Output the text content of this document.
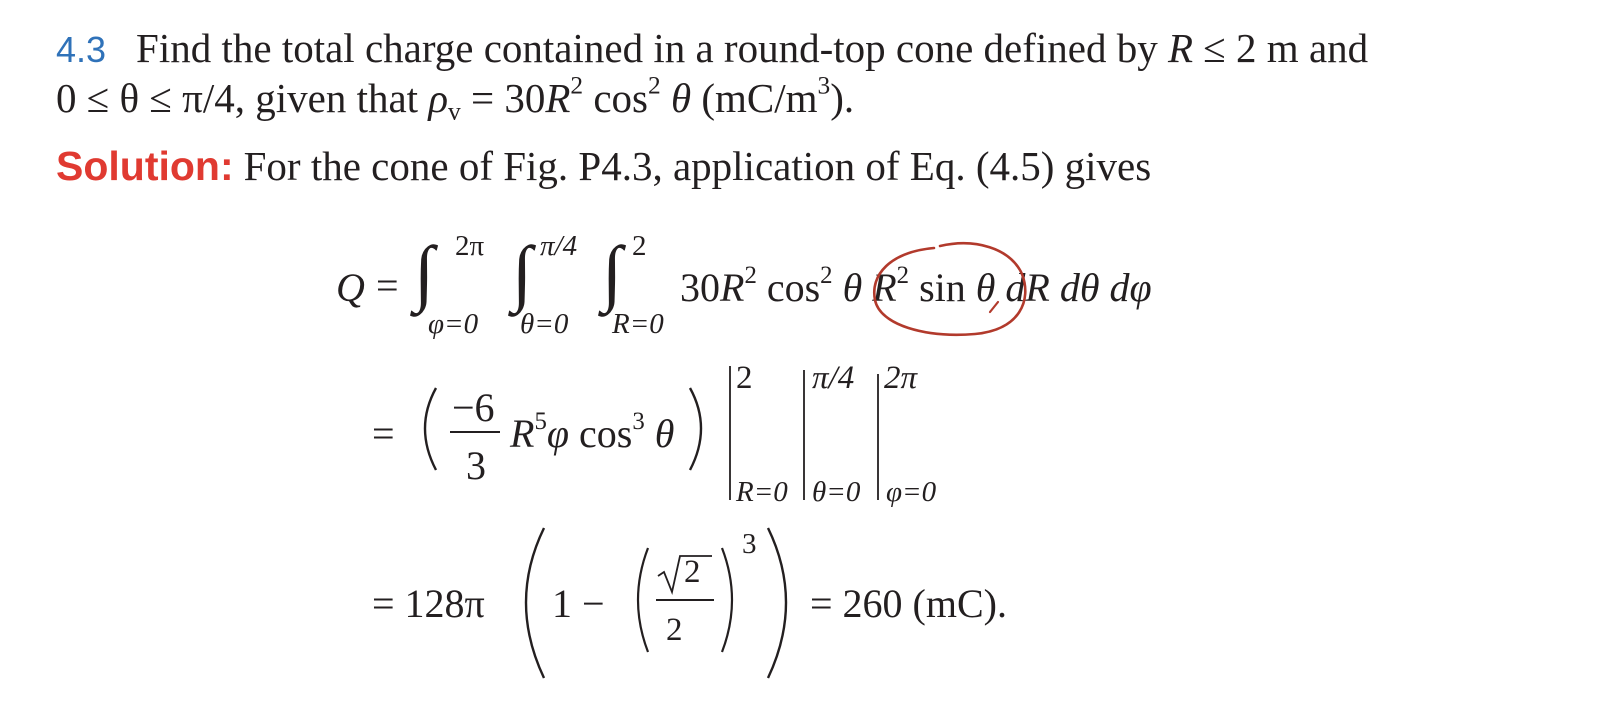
4.3 Find the total charge contained in a round-top cone defined by R ≤ 2 m and
0 ≤ θ ≤ π/4, given that $\rho_v = 30R^2$ $\cos^2 \theta$ $(mC/m^3)$.
Solution: For the cone of Fig. P4.3, application of Eq. (4.5) gives
Q = ∫ 2π
φ=0
∫ π/4
θ=0
∫ 2
R=0
$30R^2$ $\cos^2 \theta$ $R^2$ sin θ dR dθ dφ
=
−6
3
$R^5\varphi$ $\cos^3 \theta$
2
R=0
π/4
θ=0
2π
φ=0
= 128π 1 −
2
2
3
= 260 (mC).
